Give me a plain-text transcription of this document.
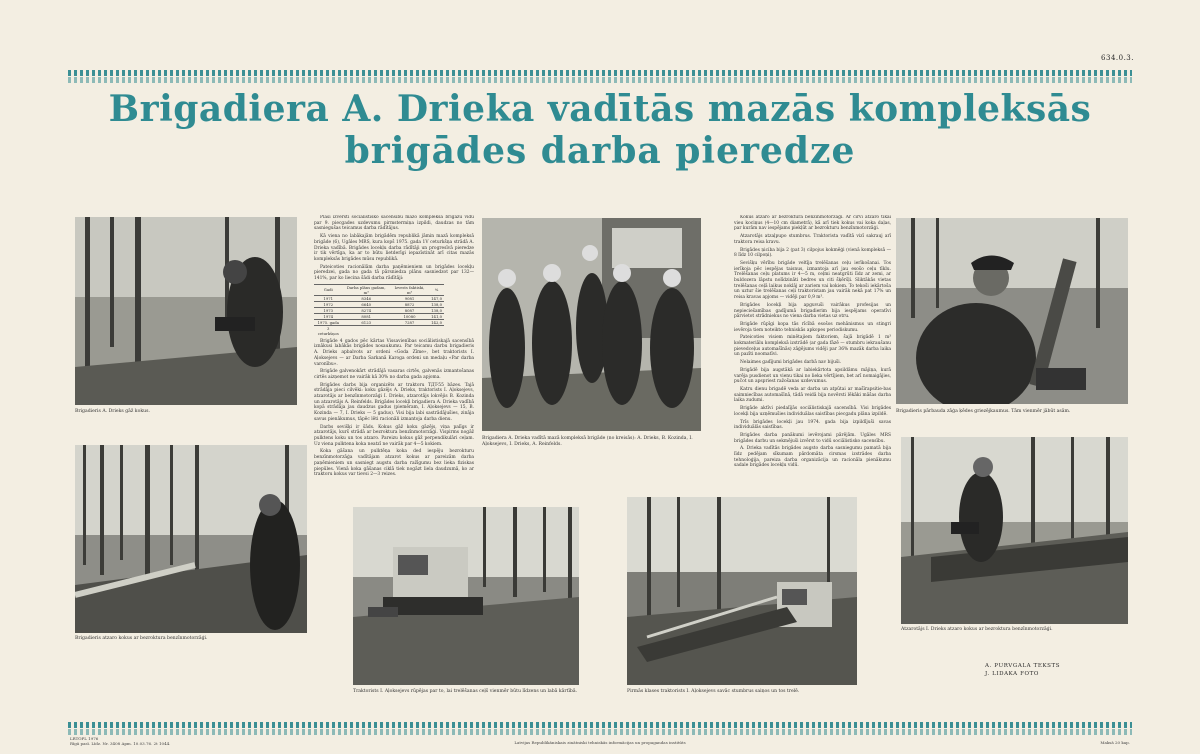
634.0.3.
Brigadiera A. Drieka vadītās mazās kompleksās
brigādes darba pieredze
Brigadieris A. Drieks gāž kokus.
Brigadieris atzaro kokus ar bezroktura benzīnmotorzāģi.

Plaši izvērsti sociālistisko sacensību mazo kompleksa brigāžu vidū par 9. piecgades uzdevumu pirmstermiņa izpildi, daudzas no tām sasniegušas teicamus darba rādītājus.

Kā viena no labākajām brigādēm republikā jāmin mazā kompleksā brigāde (6), Ugāles MRS, kura kopš 1975. gada 1V ceturkšņa strādā A. Drieka vadībā. Brigādes locekļu darba rādītāji un progresīvā pieredze ir tik vērtīga, ka ar to būtu lietderīgi iepazīstināt arī citas mazās kompleksās brigādes mūsu republikā.

Pateicoties racionālām darba paņēmieniem un brigādes locekļu pieredzei, gada no gada tā pārsniedza plānu sasniedzot par 132—141%, par ko liecina šādi darba rādītāji:

Gadi	Darba plāns gadam, m³	Izvests faktiski, m³	%
1971	8346	9081	147,0
1972	6640	8872	138,0
1973	8274	8087	138,0
1974	8081	10080	141,0
1975. gada	6123	7287	142,0
3 ceturkšņos			

Brigāde 4 gados pēc kārtas Vissavienības sociālistiskajā sacensībā iznākusi labākās brigādes nosaukumu. Par teicamu darbu brigadieris A. Drieks apbalvots ar ordeni «Goda Zīme», bet traktorists I. Aļoksejevs — ar Darba Sarkanā Karoga ordeni un medaļu «Par darba varonību».

Brigāde galvenokārt strādājā vasaras cirtēs, galvenās izmantošanas cirtēs aizņemot ne vairāk kā 30% no darba gada apjoma.

Brigādes darbs bija organizēts ar traktoru TДT-55 bāzes. Tajā strādāja pieci cilvēki: koku gāzējs A. Drieks, traktorists I. Aļoksejevs, atzarotājs ar benzīnmotorzāģi I. Drieks, atzarotājs lokvējis B. Kozinda un atzarotājs A. Reinfelds. Brigādes locekļi brigadiera A. Drieka vadībā kopā strādāja jau daudzus gadus (piemēram, I. Aļoksejevs — 15, B. Kozinda — 7, I. Drieks — 5 gadus). Visi bija labi sastrādājušies, zināja savus pienākumus, tāpēc lēti racionāli izmantoja darba dienu.

Darbs sevišķi ir šāds. Kokus gāž koku gāzējs, viņa palīgs ir atzarotājs, kurš strādā ar bezroktura benzīnmotorzāģi. Vispirms nogāž pulktens koku un tos atzaro. Pareizu kokus gāž perpendikulāri ceļam. Uz viena pulktena koka neatzī ne vairāk par 4—5 kokiem.

Koka gāšana un pulktēņa koka ded iespēju bezrokturu benzīnmotorzāģa vadītājam atzarot kokus ar pareizām darba paņēmieniem un sasniegt augstu darba ražīgumu bez lieka fiziskas piepūles. Vienā koka gāšanas ciklā tiek nogāzt liela daudzumā, ko ar traktoru kokus var tievsi 2—3 reizes.

Brigadiera A. Drieka vadītā mazā kompleksā brigāde (no kreisās): A. Drieks, B. Kozinda, I. Aļoksejevs, I. Drieks, A. Reinfelds.

Kokus atzaro ar bezroktura benzīnmotorzāģi. Ar cirvi atzaro tikai vieu kociņus (4—10 cm diametrā), kā arī tiek kokus vai koka daļas, par kurām nav iespējams piekļūt ar bezrokturu benzīnmotorzāģi.

Atzarotājs atzaļpupo stumbrus. Traktorista vadītā vizī sakrauj arī traktora reisa kravu.

Brigādes ņiciba bija 2 (pat 3) cilpojus kokmēģi (vienā kompleksā — 8 līdz 10 cilpoņi).

Sevišķu vērību brigāde veltīja trelēšanas ceļu ierīkošanai. Tos ierīkoja pēc iespējas taisnus, izmantoja arī jau esošo ceļu tīklu. Trelēšanas ceļu platums ir 4—5 m, ceļmi neatgrūti līdz ar zemi, ar buldozera lāpstu nolīdzināti bedres un citi šķēršļi. Sliktākās vietas trelēšanas ceļā laikus noklāj ar zariem vai kokiem. To tekoši iekārtoša un uztur šie trelēšanas ceļi traktoristam jau vairāk nekā pat 17% un reisa kravas apjoms — vidēji par 0,9 m³.

Brigādes locekļi bija apguvuši vairākus profesijas un nepieciešamības gadījumā brigadierim bija iespējams operatīvi pārvietot strādniekus no viena darba vietas uz otru.

Brigāde rūpīgi kopa tās rīcībā esošos mehānismus un stingri ievēroja tiem noteikto tehniskās apkopes periodiskumu.

Pateicoties visiem minētajiem faktoriem, šajā brigādē 1 m³ kokmateriālu kompleksā izstrādē (ar gada fāzē — stumbru iekraušanu pievedceļus automašīnās) zāģējums vidēji par 36% mazāk darba laika un pazīti noomatīvi.

Nelaimes gadījumi brigādes darbā nav bijuši.

Brigādē bija augstākā ar labiekārtota apsildāmu mājiņa, kurā varēja pusdienot un vienu tikai no lieka vērtījiem, bet arī nomaigājies, pučot un apspriest ražošanas uzdevumus.

Katru dienu brigadē veda ar darba un atpūtai ar mašīrapsitie-bas saimniecības automašīnā, tādā veidā bija novērsti lēkāki māšas darba laika zudumi.

Brigāde aktīvi piedalījās sociālistiskajā sacensībā. Visi brigādes locekļi bija uzņēmušies individuālas saistības piecgadu plāna izpildē.

Trīs brigādes locekļi jau 1974. gada bija izpildījuši savas individuālās saistības.

Brigādes darba panākumi ievērojami pārējām. Ugāles MRS brigādes darbu un sekmējuši izvērst to vidū sociālistisko sacensību.

A. Drieka vadītās brigādes augsto darba sasniegumu pamatā bija līdz pedējam sīkumam pārdomāta cirsmas izstrādes darba tehnoloģija, pareiza darba organizācija un racionāla pienākumu sadale brigādes locekļu vidū.

Traktorists I. Aļoksejevs rūpējas par to, lai trelēšanas ceļš vienmēr būtu līdzens un labā kārtībā.	Pirmās klases traktorists I. Aļoksejevs savāc stumbrus saiņos un tos trelē.
Brigadieris pārbauda zāģa ķēdes griezējkaumus. Tām vienmēr jābūt asām.
Atzarotājs I. Drieks atzaro kokus ar bezroktura benzīnmotorzāģi.
A. PURVGALA TEKSTS
J. LIDAKA FOTO
LRTOPL 1976
Rīgā pasī. Līdz. Nr. 3408 Apm. 10.03.76. 2t 1044.	Latvijas Republikāniskais zinātniski tehniskās informācijas un propagandas institūts	Maksā 20 kap.
